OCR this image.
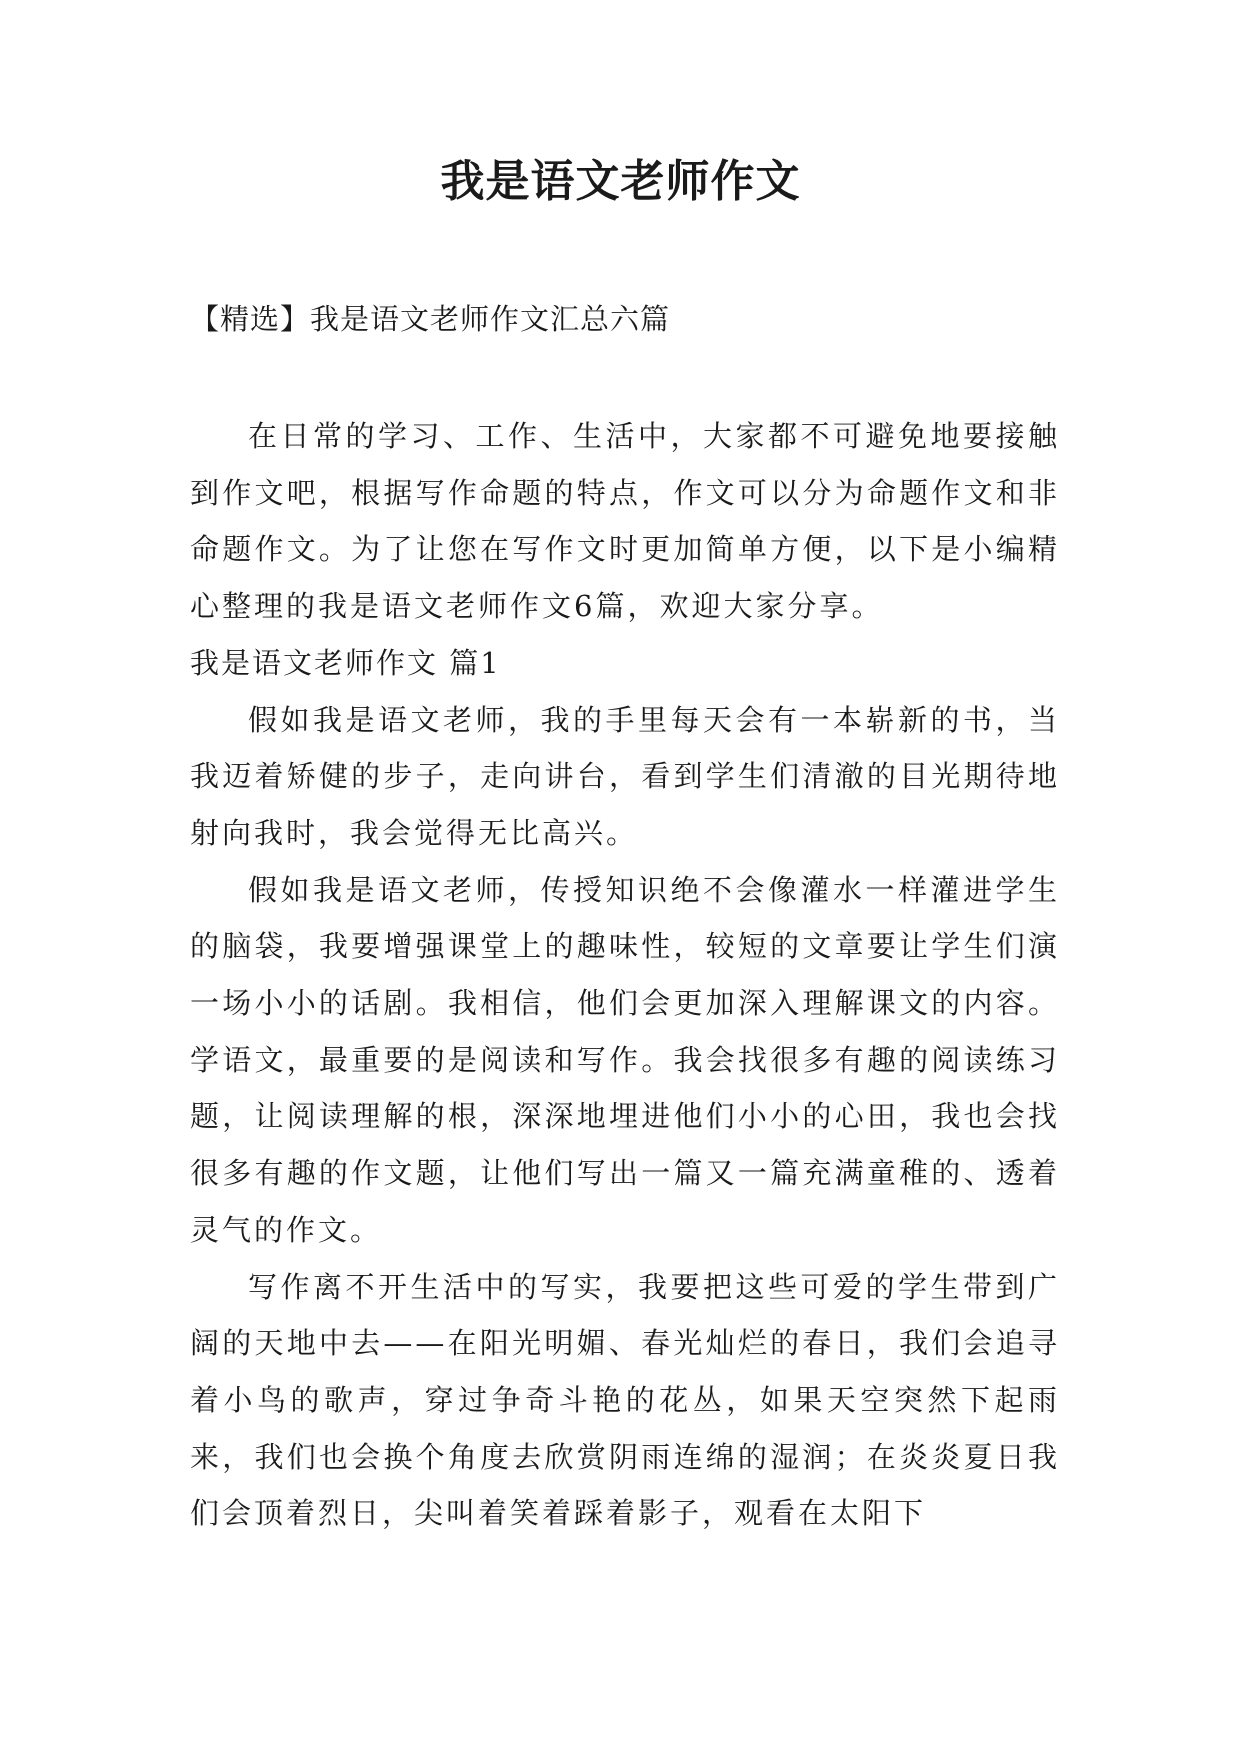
我是语文老师作文

【精选】我是语文老师作文汇总六篇

在日常的学习、工作、生活中，大家都不可避免地要接触到作文吧，根据写作命题的特点，作文可以分为命题作文和非命题作文。为了让您在写作文时更加简单方便，以下是小编精心整理的我是语文老师作文6篇，欢迎大家分享。

我是语文老师作文 篇1

假如我是语文老师，我的手里每天会有一本崭新的书，当我迈着矫健的步子，走向讲台，看到学生们清澈的目光期待地射向我时，我会觉得无比高兴。

假如我是语文老师，传授知识绝不会像灌水一样灌进学生的脑袋，我要增强课堂上的趣味性，较短的文章要让学生们演一场小小的话剧。我相信，他们会更加深入理解课文的内容。学语文，最重要的是阅读和写作。我会找很多有趣的阅读练习题，让阅读理解的根，深深地埋进他们小小的心田，我也会找很多有趣的作文题，让他们写出一篇又一篇充满童稚的、透着灵气的作文。

写作离不开生活中的写实，我要把这些可爱的学生带到广阔的天地中去——在阳光明媚、春光灿烂的春日，我们会追寻着小鸟的歌声，穿过争奇斗艳的花丛，如果天空突然下起雨来，我们也会换个角度去欣赏阴雨连绵的湿润；在炎炎夏日我们会顶着烈日，尖叫着笑着踩着影子，观看在太阳下
